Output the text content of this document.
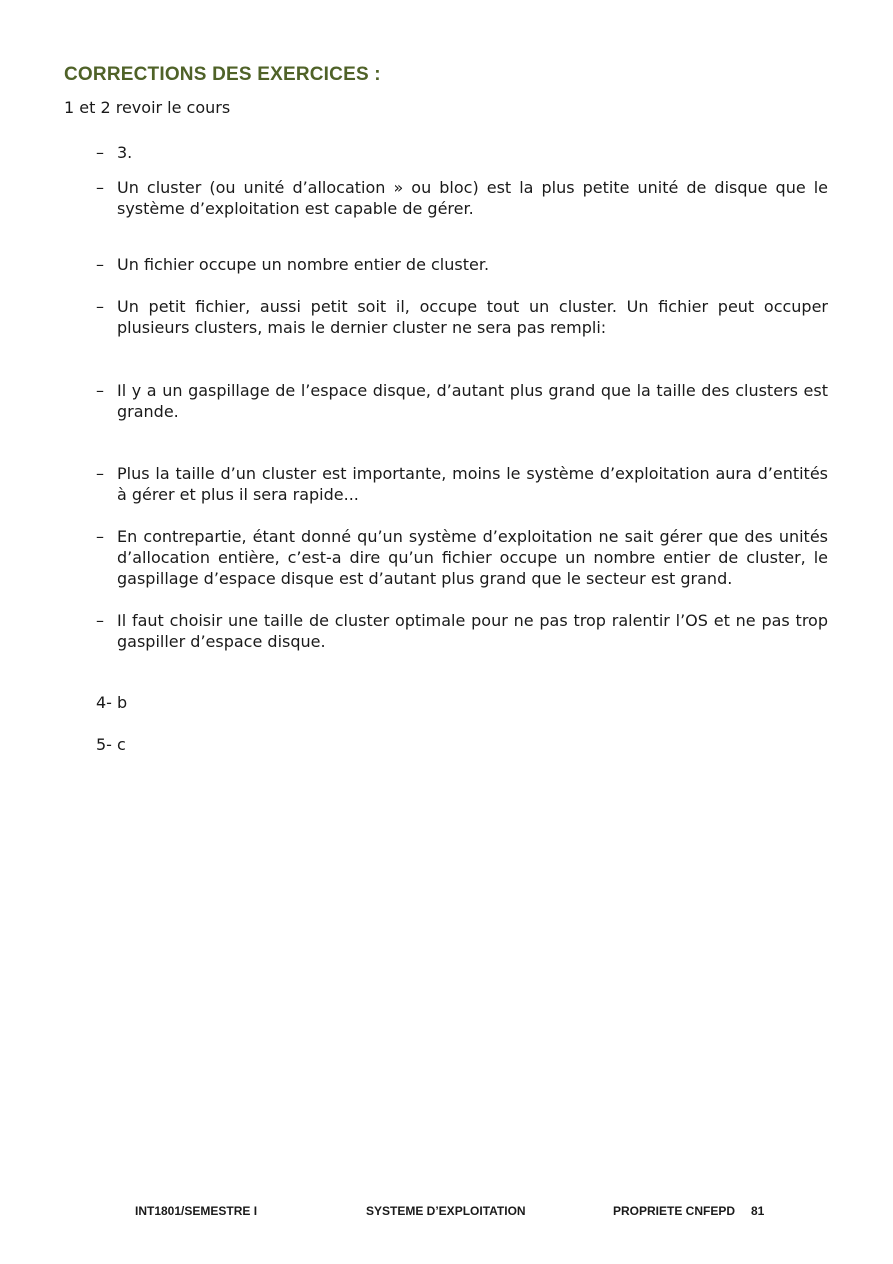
CORRECTIONS DES EXERCICES :
1 et 2 revoir le cours
– 3.
– Un cluster (ou unité d’allocation » ou bloc) est la plus petite unité de disque que le système d’exploitation est capable de gérer.
– Un fichier occupe un nombre entier de cluster.
– Un petit fichier, aussi petit soit il, occupe tout un cluster. Un fichier peut occuper plusieurs clusters, mais le dernier cluster ne sera pas rempli:
– Il y a un gaspillage de l’espace disque, d’autant plus grand que la taille des clusters est grande.
– Plus la taille d’un cluster est importante, moins le système d’exploitation aura d’entités à gérer et plus il sera rapide...
– En contrepartie, étant donné qu’un système d’exploitation ne sait gérer que des unités d’allocation entière, c’est-a dire qu’un fichier occupe un nombre entier de cluster, le gaspillage d’espace disque est d’autant plus grand que le secteur est grand.
– Il faut choisir une taille de cluster optimale pour ne pas trop ralentir l’OS et ne pas trop gaspiller d’espace disque.
4- b
5- c
INT1801/SEMESTRE I	SYSTEME D’EXPLOITATION	PROPRIETE CNFEPD 81
